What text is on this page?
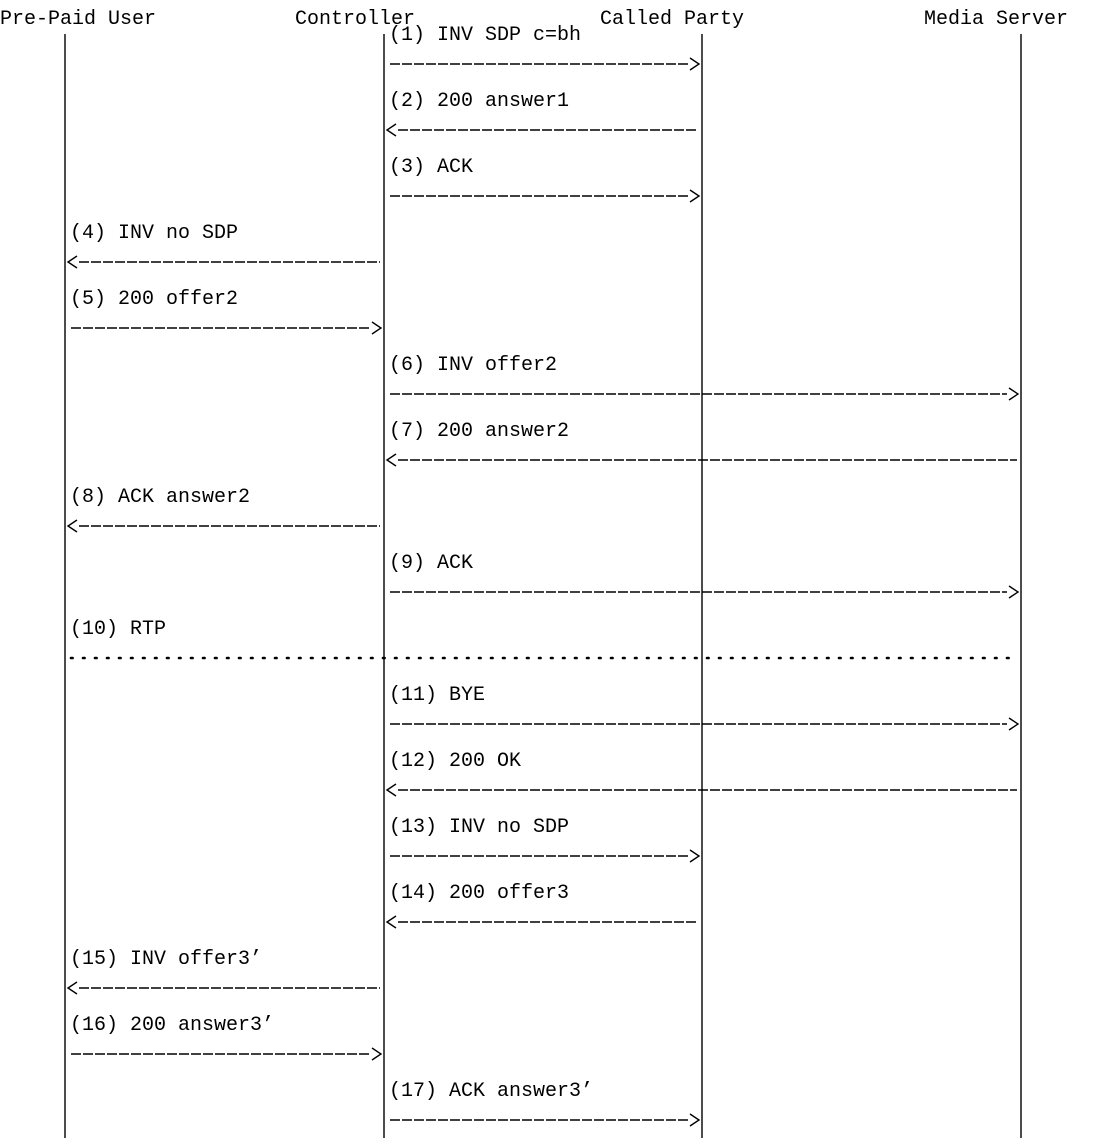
Pre-Paid User	Controller	Called Party	Media Server
(1) INV SDP c=bh
(2) 200 answer1
(3) ACK
(4) INV no SDP
(5) 200 offer2
(6) INV offer2
(7) 200 answer2
(8) ACK answer2
(9) ACK
(10) RTP
(11) BYE
(12) 200 OK
(13) INV no SDP
(14) 200 offer3
(15) INV offer3’
(16) 200 answer3’
(17) ACK answer3’
